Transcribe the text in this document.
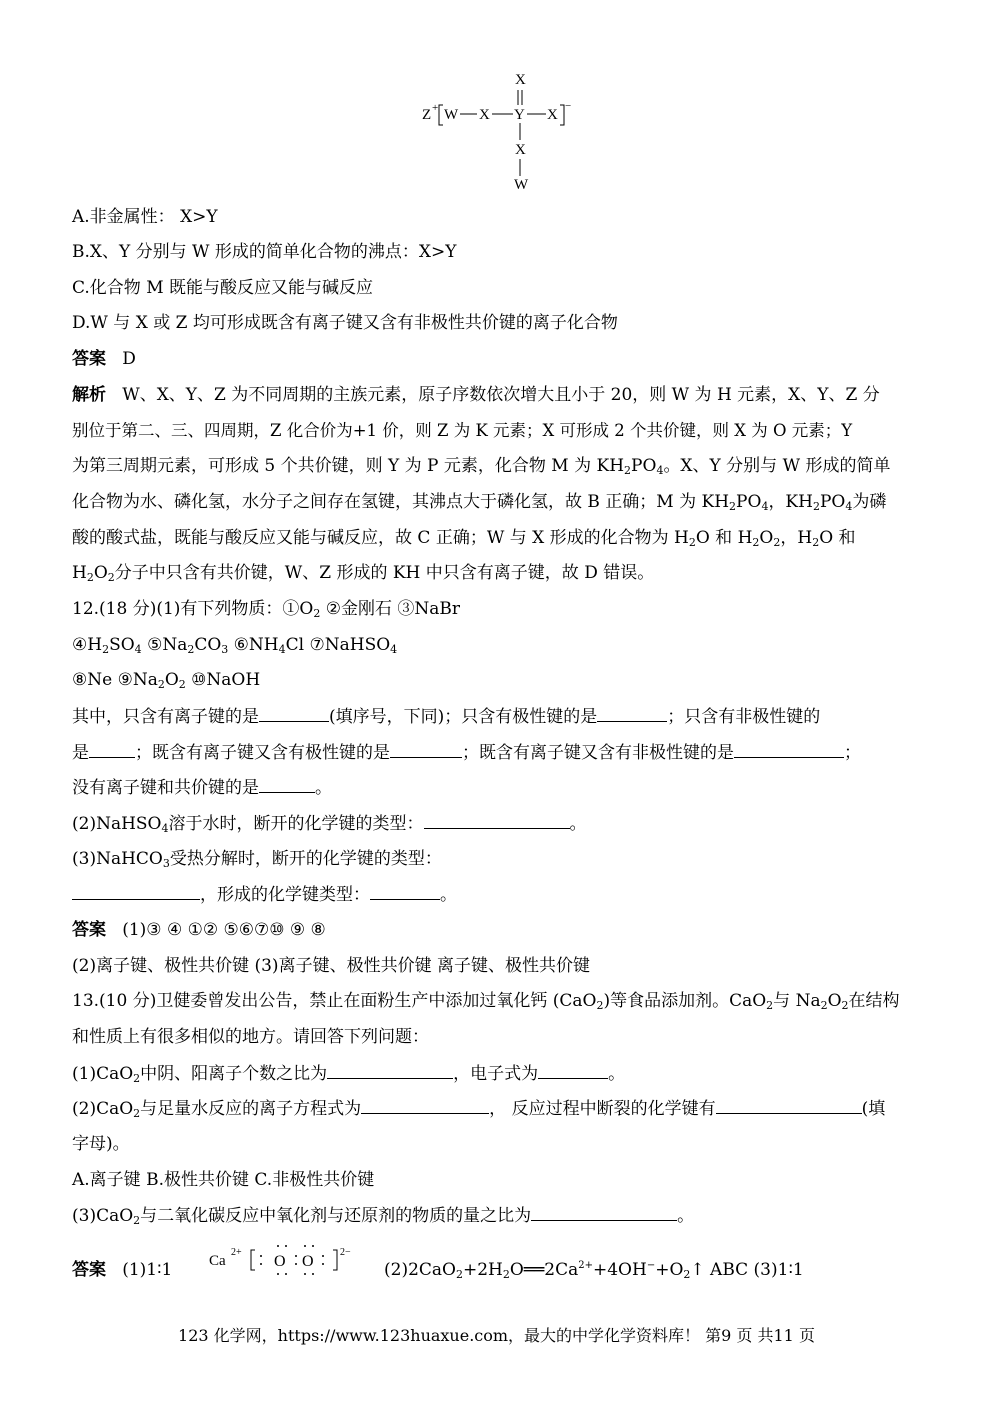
X
Z + W X Y X
−
X
W
A.非金属性： X>Y
B.X、Y 分别与 W 形成的简单化合物的沸点：X>Y
C.化合物 M 既能与酸反应又能与碱反应
D.W 与 X 或 Z 均可形成既含有离子键又含有非极性共价键的离子化合物
答案 D
解析 W、X、Y、Z 为不同周期的主族元素，原子序数依次增大且小于 20，则 W 为 H 元素，X、Y、Z 分
别位于第二、三、四周期，Z 化合价为+1 价，则 Z 为 K 元素；X 可形成 2 个共价键，则 X 为 O 元素；Y
为第三周期元素，可形成 5 个共价键，则 Y 为 P 元素，化合物 M 为 $KH_2PO_4$。X、Y 分别与 W 形成的简单
化合物为水、磷化氢，水分子之间存在氢键，其沸点大于磷化氢，故 B 正确；M 为 $KH_2PO_4$，$KH_2PO_4$为磷
酸的酸式盐，既能与酸反应又能与碱反应，故 C 正确；W 与 X 形成的化合物为 $H_2O$ 和 $H_2O_2$，$H_2O$ 和
$H_2O_2$分子中只含有共价键，W、Z 形成的 KH 中只含有离子键，故 D 错误。
12.(18 分)(1)有下列物质：$①O_2$ ②金刚石 ③NaBr
$④H_2SO_4$ $⑤Na_2CO_3$ $⑥NH_4Cl$ ⑦NaHSO$_4$
⑧Ne $⑨Na_2O_2$ ⑩NaOH
其中，只含有离子键的是	(填序号，下同)；只含有极性键的是	；只含有非极性键的
是	；既含有离子键又含有极性键的是	；既含有离子键又含有非极性键的是	；
没有离子键和共价键的是	。
(2)NaHSO$_4$溶于水时，断开的化学键的类型：	。
(3)NaHCO$_3$受热分解时，断开的化学键的类型：
，形成的化学键类型：	。
答案 (1)③ ④ ①② ⑤⑥⑦⑩ ⑨ ⑧
(2)离子键、极性共价键 (3)离子键、极性共价键 离子键、极性共价键
13.(10 分)卫健委曾发出公告，禁止在面粉生产中添加过氧化钙 (CaO$_2$)等食品添加剂。CaO$_2$与 $Na_2O_2$在结构
和性质上有很多相似的地方。请回答下列问题：
(1)CaO$_2$中阴、阳离子个数之比为	，电子式为	。
(2)CaO$_2$与足量水反应的离子方程式为	， 反应过程中断裂的化学键有	(填
字母)。
A.离子键 B.极性共价键 C.非极性共价键
(3)CaO$_2$与二氧化碳反应中氧化剂与还原剂的物质的量之比为	。
答案 (1)1∶1 Ca
2+
O O
2−
$(2)2CaO_2+2H_2O══2Ca^{2+}+4OH^-+O_2↑$ ABC (3)1∶1
123 化学网，https://www.123huaxue.com，最大的中学化学资料库！ 第9 页 共11 页
